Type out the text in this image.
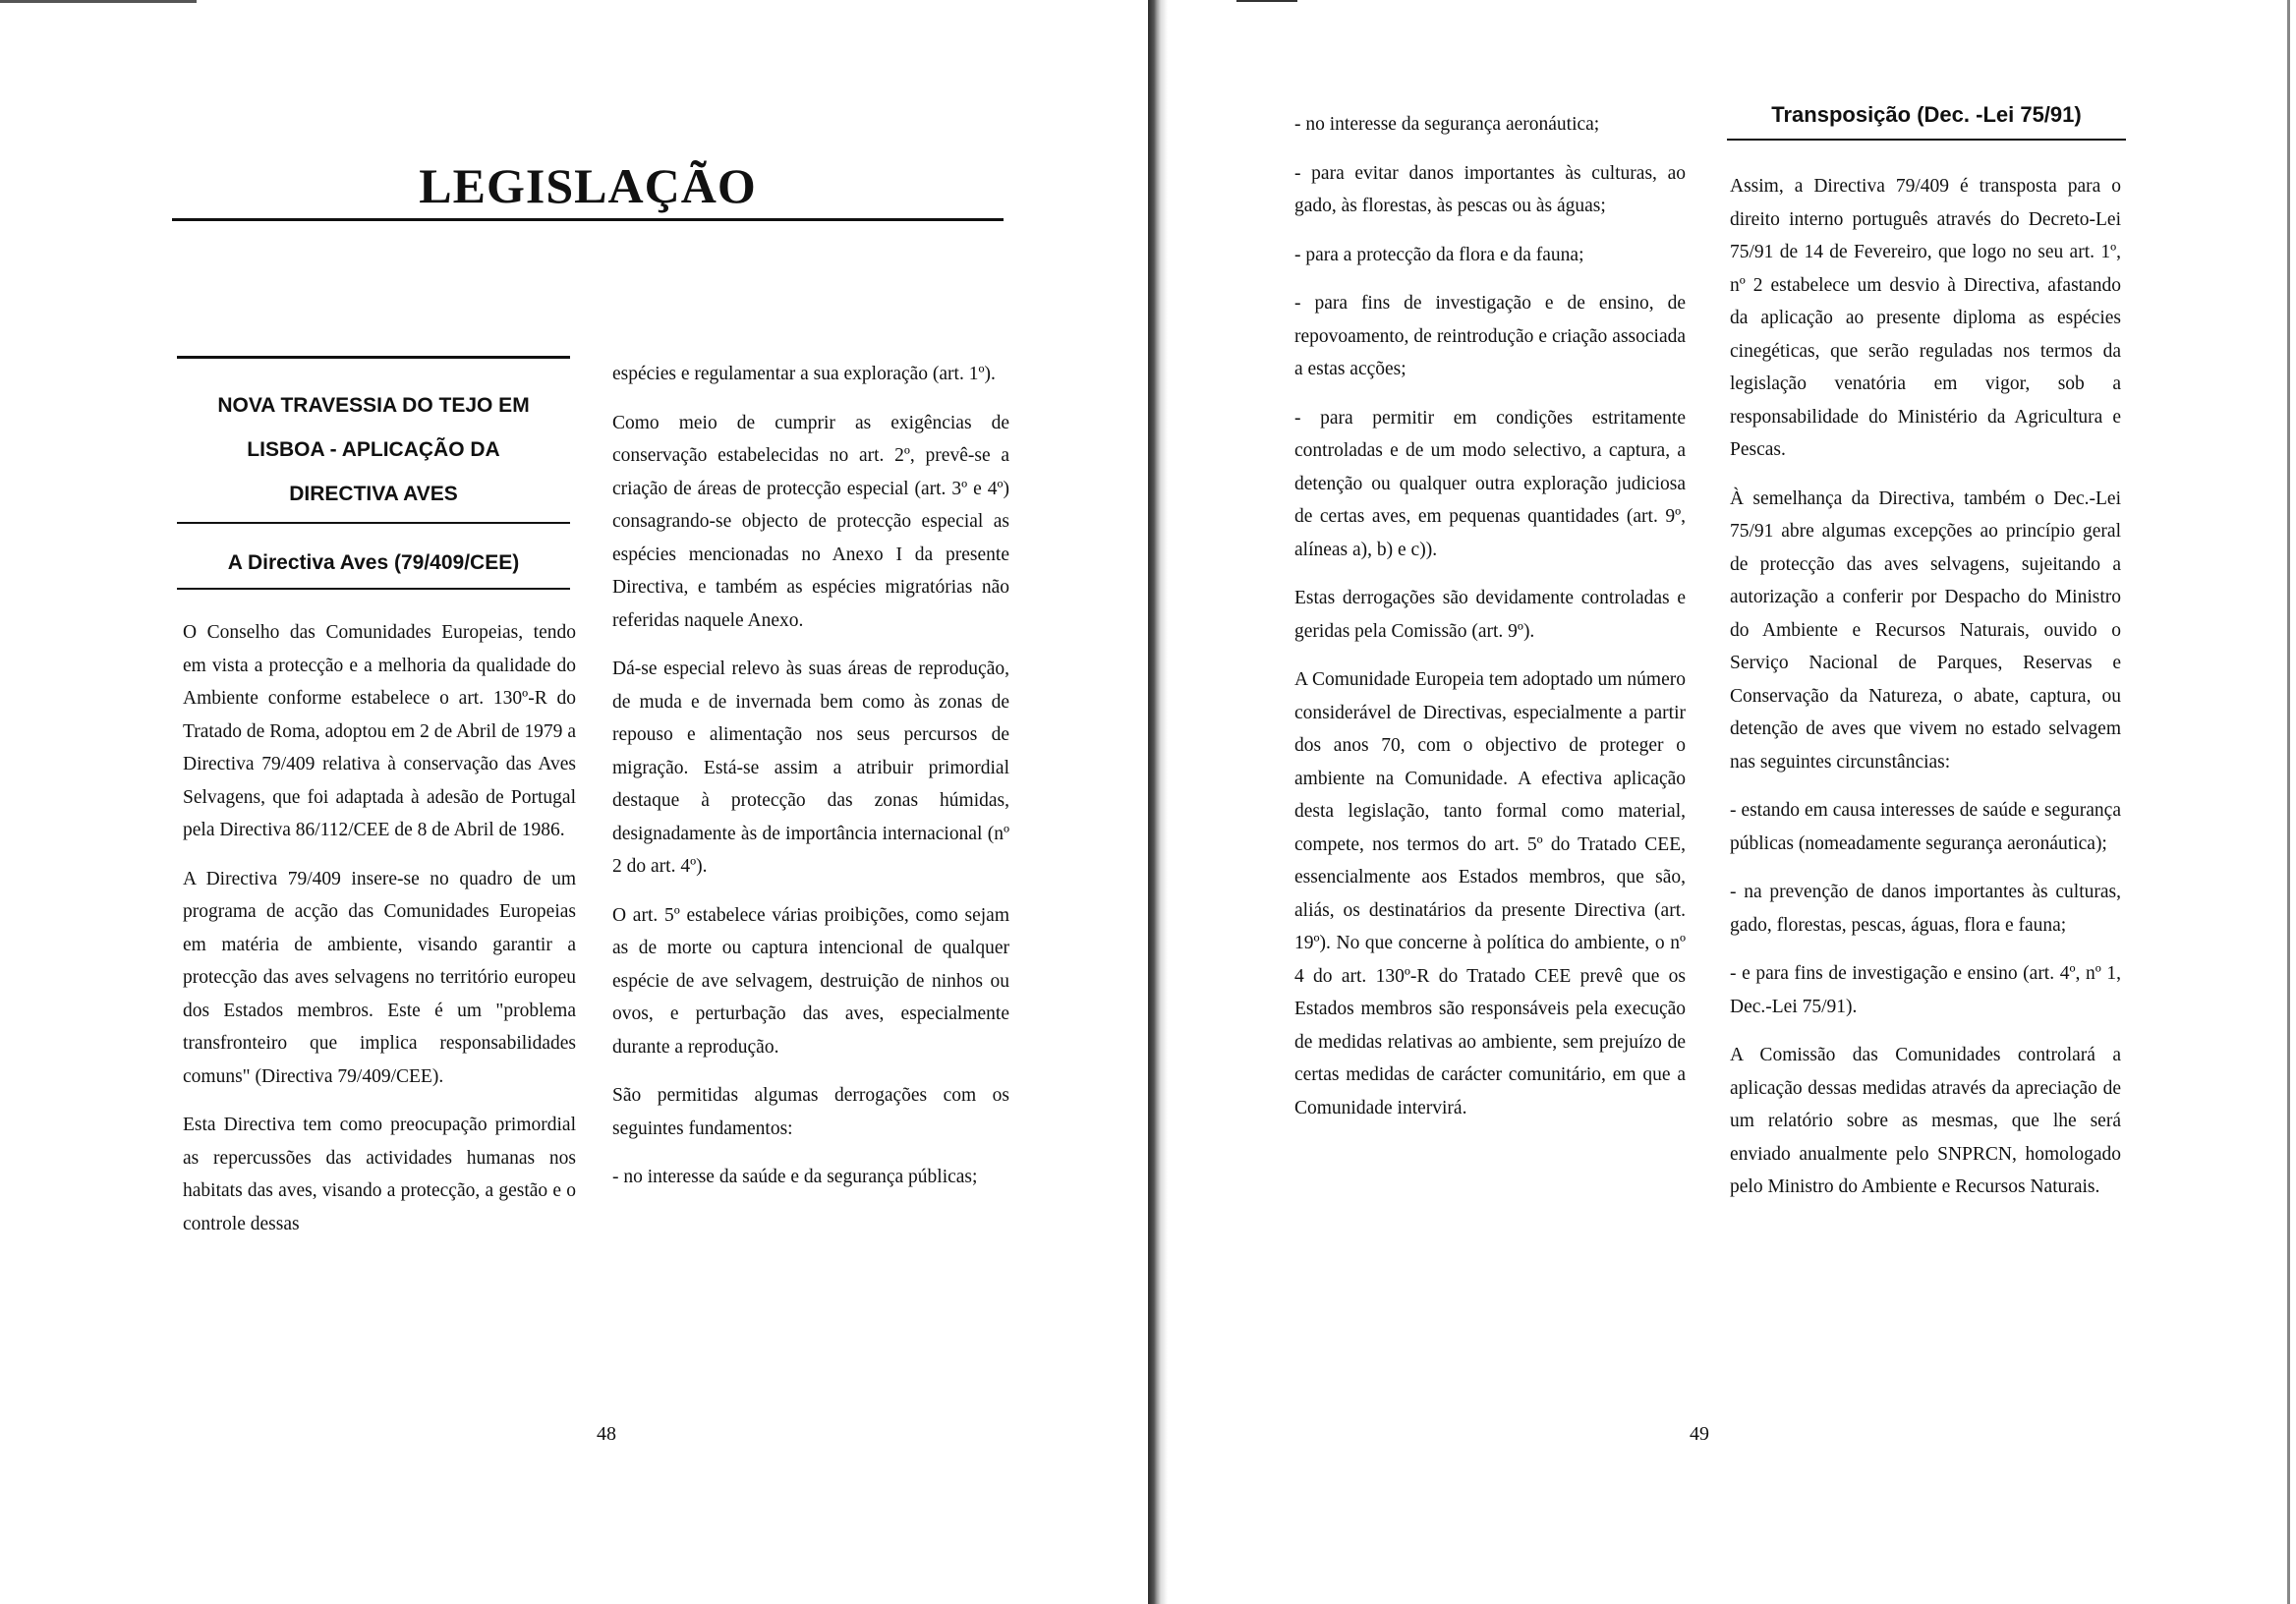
LEGISLAÇÃO

NOVA TRAVESSIA DO TEJO EM

LISBOA - APLICAÇÃO DA

DIRECTIVA AVES

A Directiva Aves (79/409/CEE)

O Conselho das Comunidades Europeias, tendo em vista a protecção e a melhoria da qualidade do Ambiente conforme estabelece o art. 130º-R do Tratado de Roma, adoptou em 2 de Abril de 1979 a Directiva 79/409 relativa à conservação das Aves Selvagens, que foi adaptada à adesão de Portugal pela Directiva 86/112/CEE de 8 de Abril de 1986.

A Directiva 79/409 insere-se no quadro de um programa de acção das Comunidades Europeias em matéria de ambiente, visando garantir a protecção das aves selvagens no território europeu dos Estados membros. Este é um "problema transfronteiro que implica responsabilidades comuns" (Directiva 79/409/CEE).

Esta Directiva tem como preocupação primordial as repercussões das actividades humanas nos habitats das aves, visando a protecção, a gestão e o controle dessas

espécies e regulamentar a sua exploração (art. 1º).

Como meio de cumprir as exigências de conservação estabelecidas no art. 2º, prevê-se a criação de áreas de protecção especial (art. 3º e 4º) consagrando-se objecto de protecção especial as espécies mencionadas no Anexo I da presente Directiva, e também as espécies migratórias não referidas naquele Anexo.

Dá-se especial relevo às suas áreas de reprodução, de muda e de invernada bem como às zonas de repouso e alimentação nos seus percursos de migração. Está-se assim a atribuir primordial destaque à protecção das zonas húmidas, designadamente às de importância internacional (nº 2 do art. 4º).

O art. 5º estabelece várias proibições, como sejam as de morte ou captura intencional de qualquer espécie de ave selvagem, destruição de ninhos ou ovos, e perturbação das aves, especialmente durante a reprodução.

São permitidas algumas derrogações com os seguintes fundamentos:

- no interesse da saúde e da segurança públicas;

48

- no interesse da segurança aeronáutica;

- para evitar danos importantes às culturas, ao gado, às florestas, às pescas ou às águas;

- para a protecção da flora e da fauna;

- para fins de investigação e de ensino, de repovoamento, de reintrodução e criação associada a estas acções;

- para permitir em condições estritamente controladas e de um modo selectivo, a captura, a detenção ou qualquer outra exploração judiciosa de certas aves, em pequenas quantidades (art. 9º, alíneas a), b) e c)).

Estas derrogações são devidamente controladas e geridas pela Comissão (art. 9º).

A Comunidade Europeia tem adoptado um número considerável de Directivas, especialmente a partir dos anos 70, com o objectivo de proteger o ambiente na Comunidade. A efectiva aplicação desta legislação, tanto formal como material, compete, nos termos do art. 5º do Tratado CEE, essencialmente aos Estados membros, que são, aliás, os destinatários da presente Directiva (art. 19º). No que concerne à política do ambiente, o nº 4 do art. 130º-R do Tratado CEE prevê que os Estados membros são responsáveis pela execução de medidas relativas ao ambiente, sem prejuízo de certas medidas de carácter comunitário, em que a Comunidade intervirá.

49

Transposição (Dec. -Lei 75/91)

Assim, a Directiva 79/409 é transposta para o direito interno português através do Decreto-Lei 75/91 de 14 de Fevereiro, que logo no seu art. 1º, nº 2 estabelece um desvio à Directiva, afastando da aplicação ao presente diploma as espécies cinegéticas, que serão reguladas nos termos da legislação venatória em vigor, sob a responsabilidade do Ministério da Agricultura e Pescas.

À semelhança da Directiva, também o Dec.-Lei 75/91 abre algumas excepções ao princípio geral de protecção das aves selvagens, sujeitando a autorização a conferir por Despacho do Ministro do Ambiente e Recursos Naturais, ouvido o Serviço Nacional de Parques, Reservas e Conservação da Natureza, o abate, captura, ou detenção de aves que vivem no estado selvagem nas seguintes circunstâncias:

- estando em causa interesses de saúde e segurança públicas (nomeadamente segurança aeronáutica);

- na prevenção de danos importantes às culturas, gado, florestas, pescas, águas, flora e fauna;

- e para fins de investigação e ensino (art. 4º, nº 1, Dec.-Lei 75/91).

A Comissão das Comunidades controlará a aplicação dessas medidas através da apreciação de um relatório sobre as mesmas, que lhe será enviado anualmente pelo SNPRCN, homologado pelo Ministro do Ambiente e Recursos Naturais.
